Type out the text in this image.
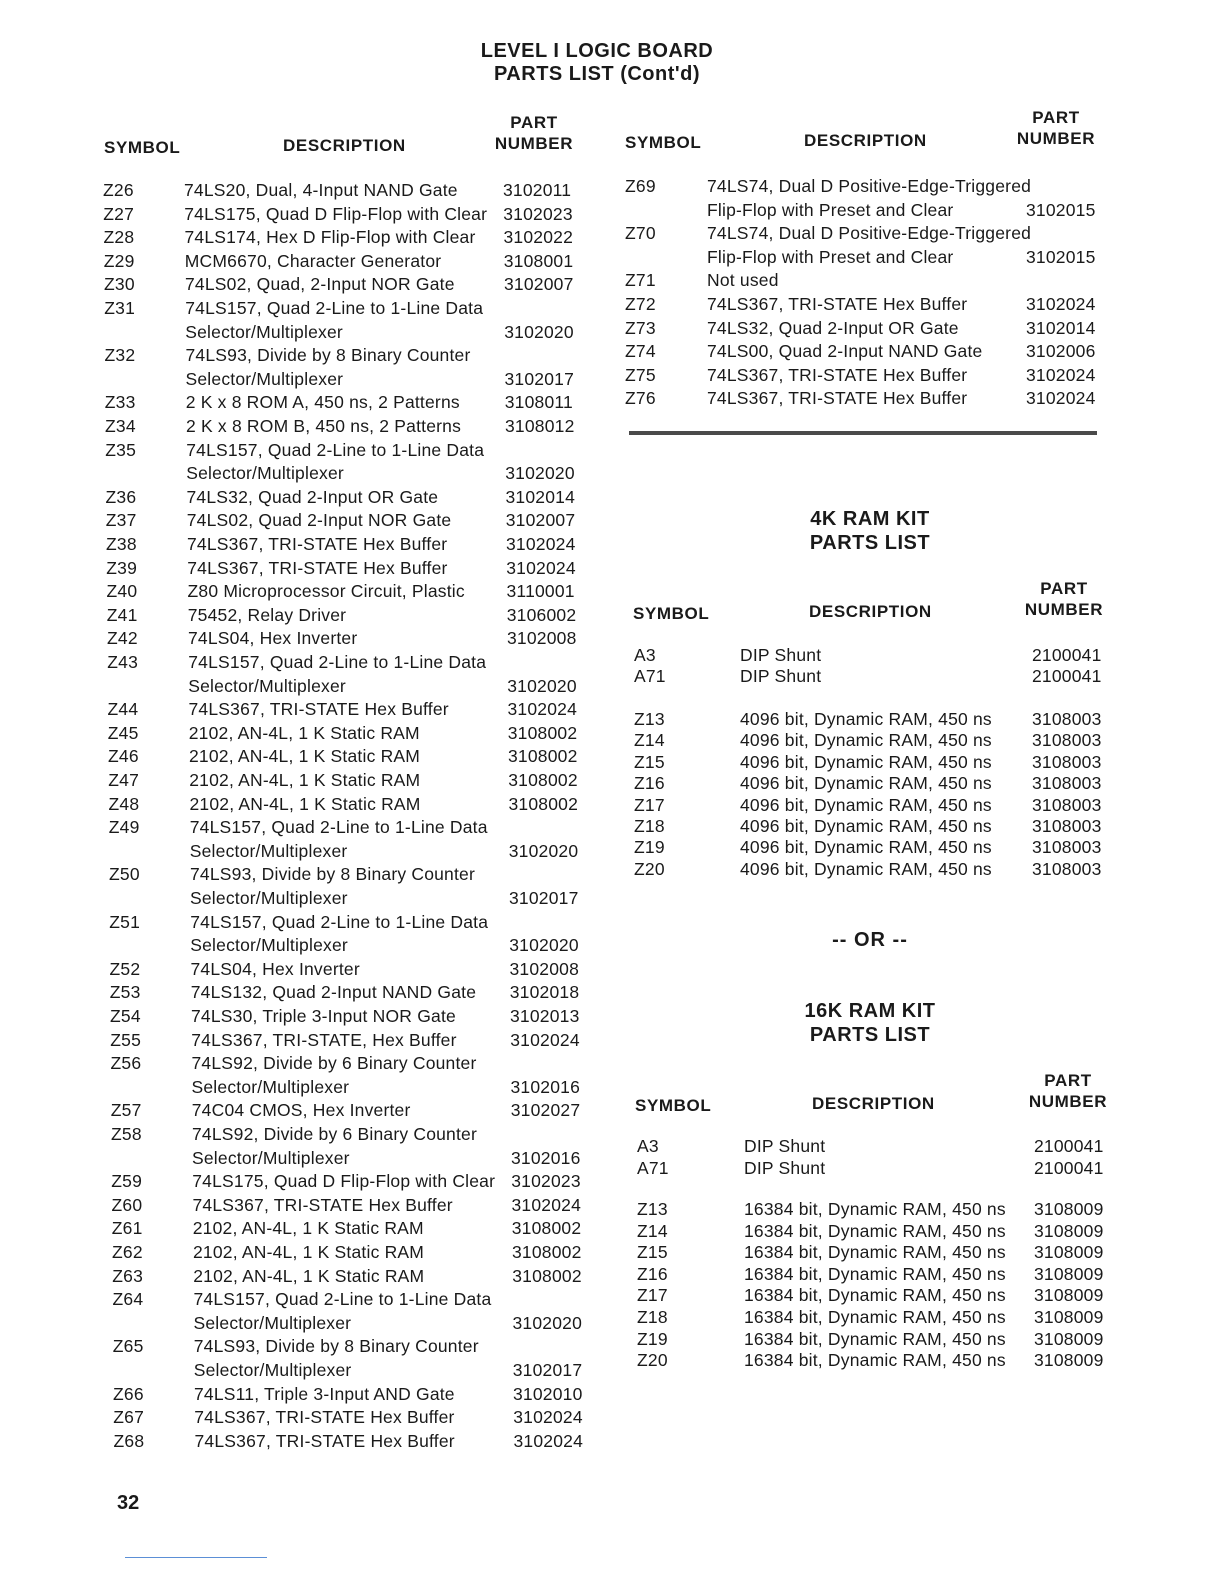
LEVEL I LOGIC BOARD
PARTS LIST (Cont'd)
SYMBOL	DESCRIPTION
PART
NUMBER	SYMBOL	DESCRIPTION
PART
NUMBER
Z26	74LS20, Dual, 4-Input NAND Gate	3102011
Z27	74LS175, Quad D Flip-Flop with Clear 3102023
Z28	74LS174, Hex D Flip-Flop with Clear 3102022
Z29	MCM6670, Character Generator	3108001
Z30	74LS02, Quad, 2-Input NOR Gate	3102007
Z31	74LS157, Quad 2-Line to 1-Line Data
Selector/Multiplexer	3102020
Z32	74LS93, Divide by 8 Binary Counter
Selector/Multiplexer	3102017
Z33	2 K x 8 ROM A, 450 ns, 2 Patterns	3108011
Z34	2 K x 8 ROM B, 450 ns, 2 Patterns	3108012
Z35	74LS157, Quad 2-Line to 1-Line Data
Selector/Multiplexer	3102020
Z36	74LS32, Quad 2-Input OR Gate	3102014
Z37	74LS02, Quad 2-Input NOR Gate	3102007
Z38	74LS367, TRI-STATE Hex Buffer	3102024
Z39	74LS367, TRI-STATE Hex Buffer	3102024
Z40	Z80 Microprocessor Circuit, Plastic 3110001
Z41	75452, Relay Driver	3106002
Z42	74LS04, Hex Inverter	3102008
Z43	74LS157, Quad 2-Line to 1-Line Data
Selector/Multiplexer	3102020
Z44	74LS367, TRI-STATE Hex Buffer	3102024
Z45	2102, AN-4L, 1 K Static RAM	3108002
Z46	2102, AN-4L, 1 K Static RAM	3108002
Z47	2102, AN-4L, 1 K Static RAM	3108002
Z48	2102, AN-4L, 1 K Static RAM	3108002
Z49	74LS157, Quad 2-Line to 1-Line Data
Selector/Multiplexer	3102020
Z50	74LS93, Divide by 8 Binary Counter
Selector/Multiplexer	3102017
Z51	74LS157, Quad 2-Line to 1-Line Data
Selector/Multiplexer	3102020
Z52	74LS04, Hex Inverter	3102008
Z53	74LS132, Quad 2-Input NAND Gate 3102018
Z54	74LS30, Triple 3-Input NOR Gate	3102013
Z55	74LS367, TRI-STATE, Hex Buffer	3102024
Z56	74LS92, Divide by 6 Binary Counter
Selector/Multiplexer	3102016
Z57	74C04 CMOS, Hex Inverter	3102027
Z58	74LS92, Divide by 6 Binary Counter
Selector/Multiplexer	3102016
Z59	74LS175, Quad D Flip-Flop with Clear 3102023
Z60	74LS367, TRI-STATE Hex Buffer	3102024
Z61	2102, AN-4L, 1 K Static RAM	3108002
Z62	2102, AN-4L, 1 K Static RAM	3108002
Z63	2102, AN-4L, 1 K Static RAM	3108002
Z64	74LS157, Quad 2-Line to 1-Line Data
Selector/Multiplexer	3102020
Z65	74LS93, Divide by 8 Binary Counter
Selector/Multiplexer	3102017
Z66	74LS11, Triple 3-Input AND Gate	3102010
Z67	74LS367, TRI-STATE Hex Buffer	3102024
Z68	74LS367, TRI-STATE Hex Buffer	3102024
Z69	74LS74, Dual D Positive-Edge-Triggered
Flip-Flop with Preset and Clear	3102015
Z70	74LS74, Dual D Positive-Edge-Triggered
Flip-Flop with Preset and Clear	3102015
Z71	Not used
Z72	74LS367, TRI-STATE Hex Buffer	3102024
Z73	74LS32, Quad 2-Input OR Gate	3102014
Z74	74LS00, Quad 2-Input NAND Gate 3102006
Z75	74LS367, TRI-STATE Hex Buffer	3102024
Z76	74LS367, TRI-STATE Hex Buffer	3102024
4K RAM KIT
PARTS LIST
SYMBOL	DESCRIPTION
PART
NUMBER
A3	DIP Shunt	2100041
A71	DIP Shunt	2100041
Z13	4096 bit, Dynamic RAM, 450 ns 3108003
Z14	4096 bit, Dynamic RAM, 450 ns 3108003
Z15	4096 bit, Dynamic RAM, 450 ns 3108003
Z16	4096 bit, Dynamic RAM, 450 ns 3108003
Z17	4096 bit, Dynamic RAM, 450 ns 3108003
Z18	4096 bit, Dynamic RAM, 450 ns 3108003
Z19	4096 bit, Dynamic RAM, 450 ns 3108003
Z20	4096 bit, Dynamic RAM, 450 ns 3108003
-- OR --
16K RAM KIT
PARTS LIST
SYMBOL	DESCRIPTION
PART
NUMBER
A3	DIP Shunt	2100041
A71	DIP Shunt	2100041
Z13	16384 bit, Dynamic RAM, 450 ns 3108009
Z14	16384 bit, Dynamic RAM, 450 ns 3108009
Z15	16384 bit, Dynamic RAM, 450 ns 3108009
Z16	16384 bit, Dynamic RAM, 450 ns 3108009
Z17	16384 bit, Dynamic RAM, 450 ns 3108009
Z18	16384 bit, Dynamic RAM, 450 ns 3108009
Z19	16384 bit, Dynamic RAM, 450 ns 3108009
Z20	16384 bit, Dynamic RAM, 450 ns 3108009
32
